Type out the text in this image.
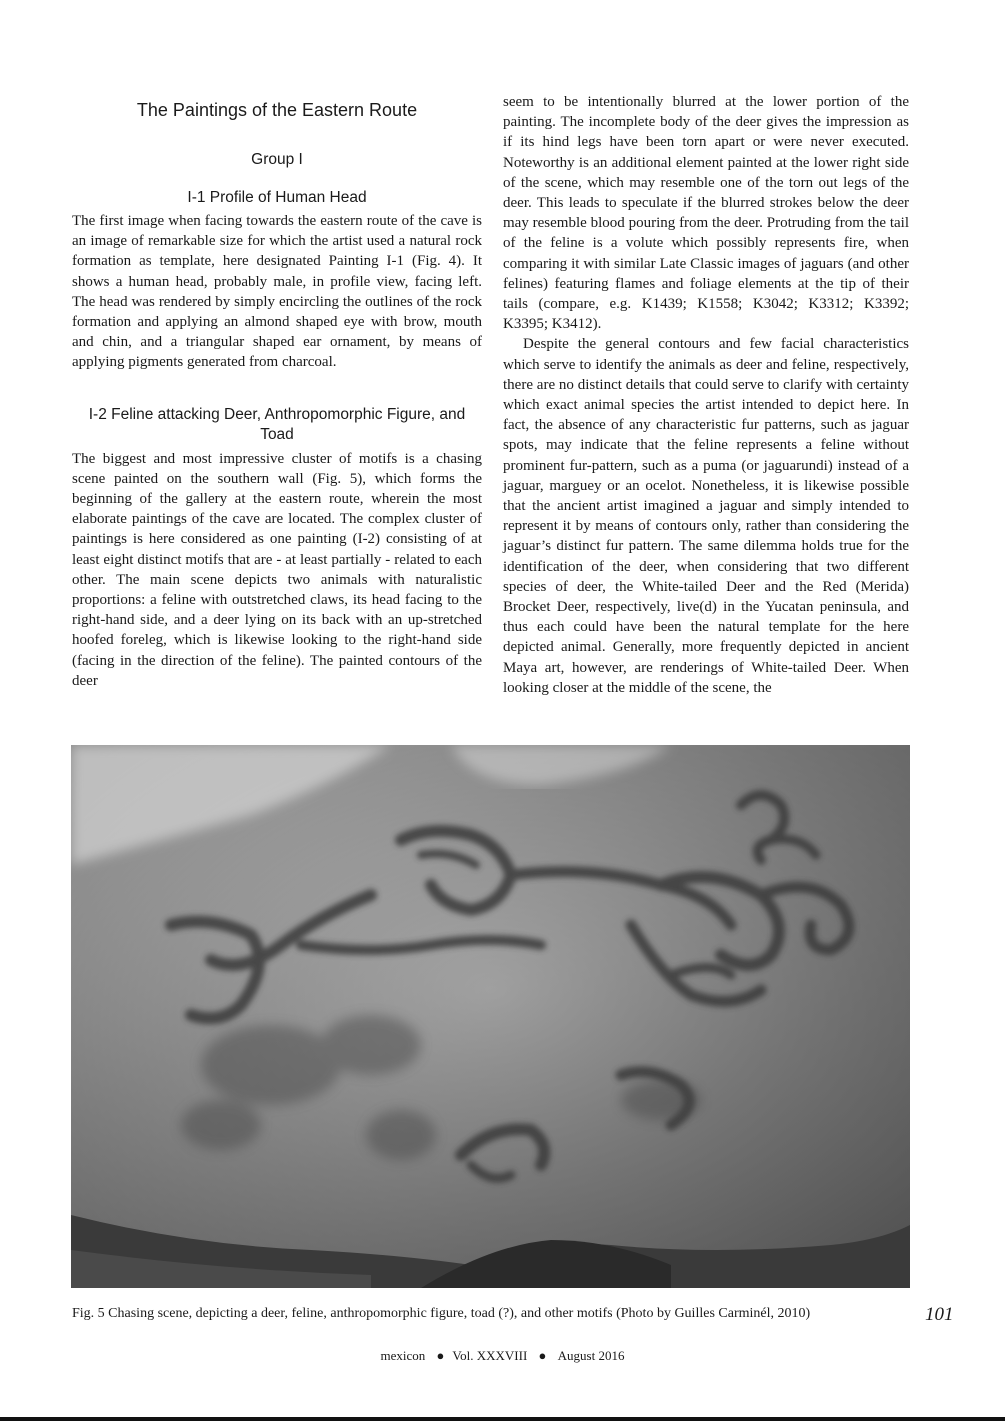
The Paintings of the Eastern Route
Group I
I-1 Profile of Human Head

The first image when facing towards the eastern route of the cave is an image of remarkable size for which the artist used a natural rock formation as template, here designated Painting I-1 (Fig. 4). It shows a human head, probably male, in profile view, facing left. The head was rendered by simply encircling the outlines of the rock formation and applying an almond shaped eye with brow, mouth and chin, and a triangular shaped ear ornament, by means of applying pigments generated from charcoal.

I-2 Feline attacking Deer, Anthropomorphic Figure, and Toad

The biggest and most impressive cluster of motifs is a chasing scene painted on the southern wall (Fig. 5), which forms the beginning of the gallery at the eastern route, wherein the most elaborate paintings of the cave are located. The complex cluster of paintings is here considered as one painting (I-2) consisting of at least eight distinct motifs that are - at least partially - related to each other. The main scene depicts two animals with naturalistic proportions: a feline with outstretched claws, its head facing to the right-hand side, and a deer lying on its back with an up-stretched hoofed foreleg, which is likewise looking to the right-hand side (facing in the direction of the feline). The painted contours of the deer

seem to be intentionally blurred at the lower portion of the painting. The incomplete body of the deer gives the impression as if its hind legs have been torn apart or were never executed. Noteworthy is an additional element painted at the lower right side of the scene, which may resemble one of the torn out legs of the deer. This leads to speculate if the blurred strokes below the deer may resemble blood pouring from the deer. Protruding from the tail of the feline is a volute which possibly represents fire, when comparing it with similar Late Classic images of jaguars (and other felines) featuring flames and foliage elements at the tip of their tails (compare, e.g. K1439; K1558; K3042; K3312; K3392; K3395; K3412).

Despite the general contours and few facial characteristics which serve to identify the animals as deer and feline, respectively, there are no distinct details that could serve to clarify with certainty which exact animal species the artist intended to depict here. In fact, the absence of any characteristic fur patterns, such as jaguar spots, may indicate that the feline represents a feline without prominent fur-pattern, such as a puma (or jaguarundi) instead of a jaguar, marguey or an ocelot. Nonetheless, it is likewise possible that the ancient artist imagined a jaguar and simply intended to represent it by means of contours only, rather than considering the jaguar’s distinct fur pattern. The same dilemma holds true for the identification of the deer, when considering that two different species of deer, the White-tailed Deer and the Red (Merida) Brocket Deer, respectively, live(d) in the Yucatan peninsula, and thus each could have been the natural template for the here depicted animal. Generally, more frequently depicted in ancient Maya art, however, are renderings of White-tailed Deer. When looking closer at the middle of the scene, the

Fig. 5 Chasing scene, depicting a deer, feline, anthropomorphic figure, toad (?), and other motifs (Photo by Guilles Carminél, 2010)	101
mexicon ● Vol. XXXVIII ● August 2016
